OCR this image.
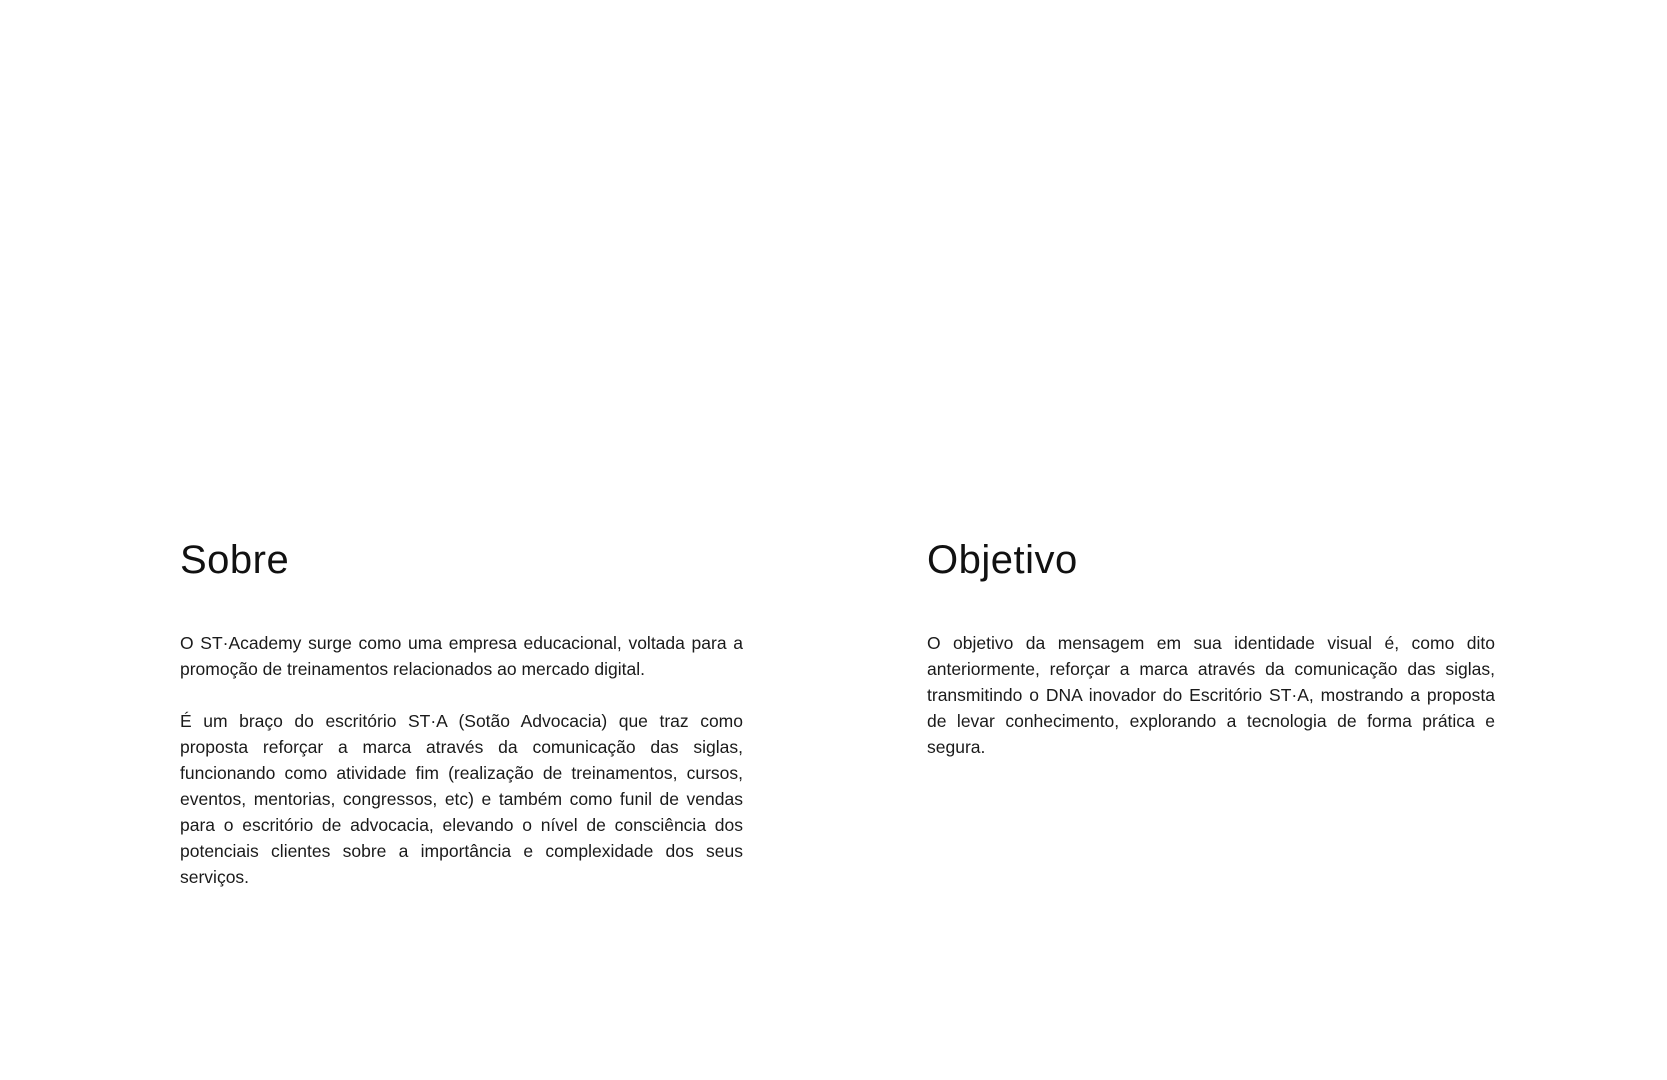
Sobre

O ST·Academy surge como uma empresa educacional, voltada para a promoção de treinamentos relacionados ao mercado digital.

É um braço do escritório ST·A (Sotão Advocacia) que traz como proposta reforçar a marca através da comunicação das siglas, funcionando como atividade fim (realização de treinamentos, cursos, eventos, mentorias, congressos, etc) e também como funil de vendas para o escritório de advocacia, elevando o nível de consciência dos potenciais clientes sobre a importância e complexidade dos seus serviços.

Objetivo

O objetivo da mensagem em sua identidade visual é, como dito anteriormente, reforçar a marca através da comunicação das siglas, transmitindo o DNA inovador do Escritório ST·A, mostrando a proposta de levar conhecimento, explorando a tecnologia de forma prática e segura.
